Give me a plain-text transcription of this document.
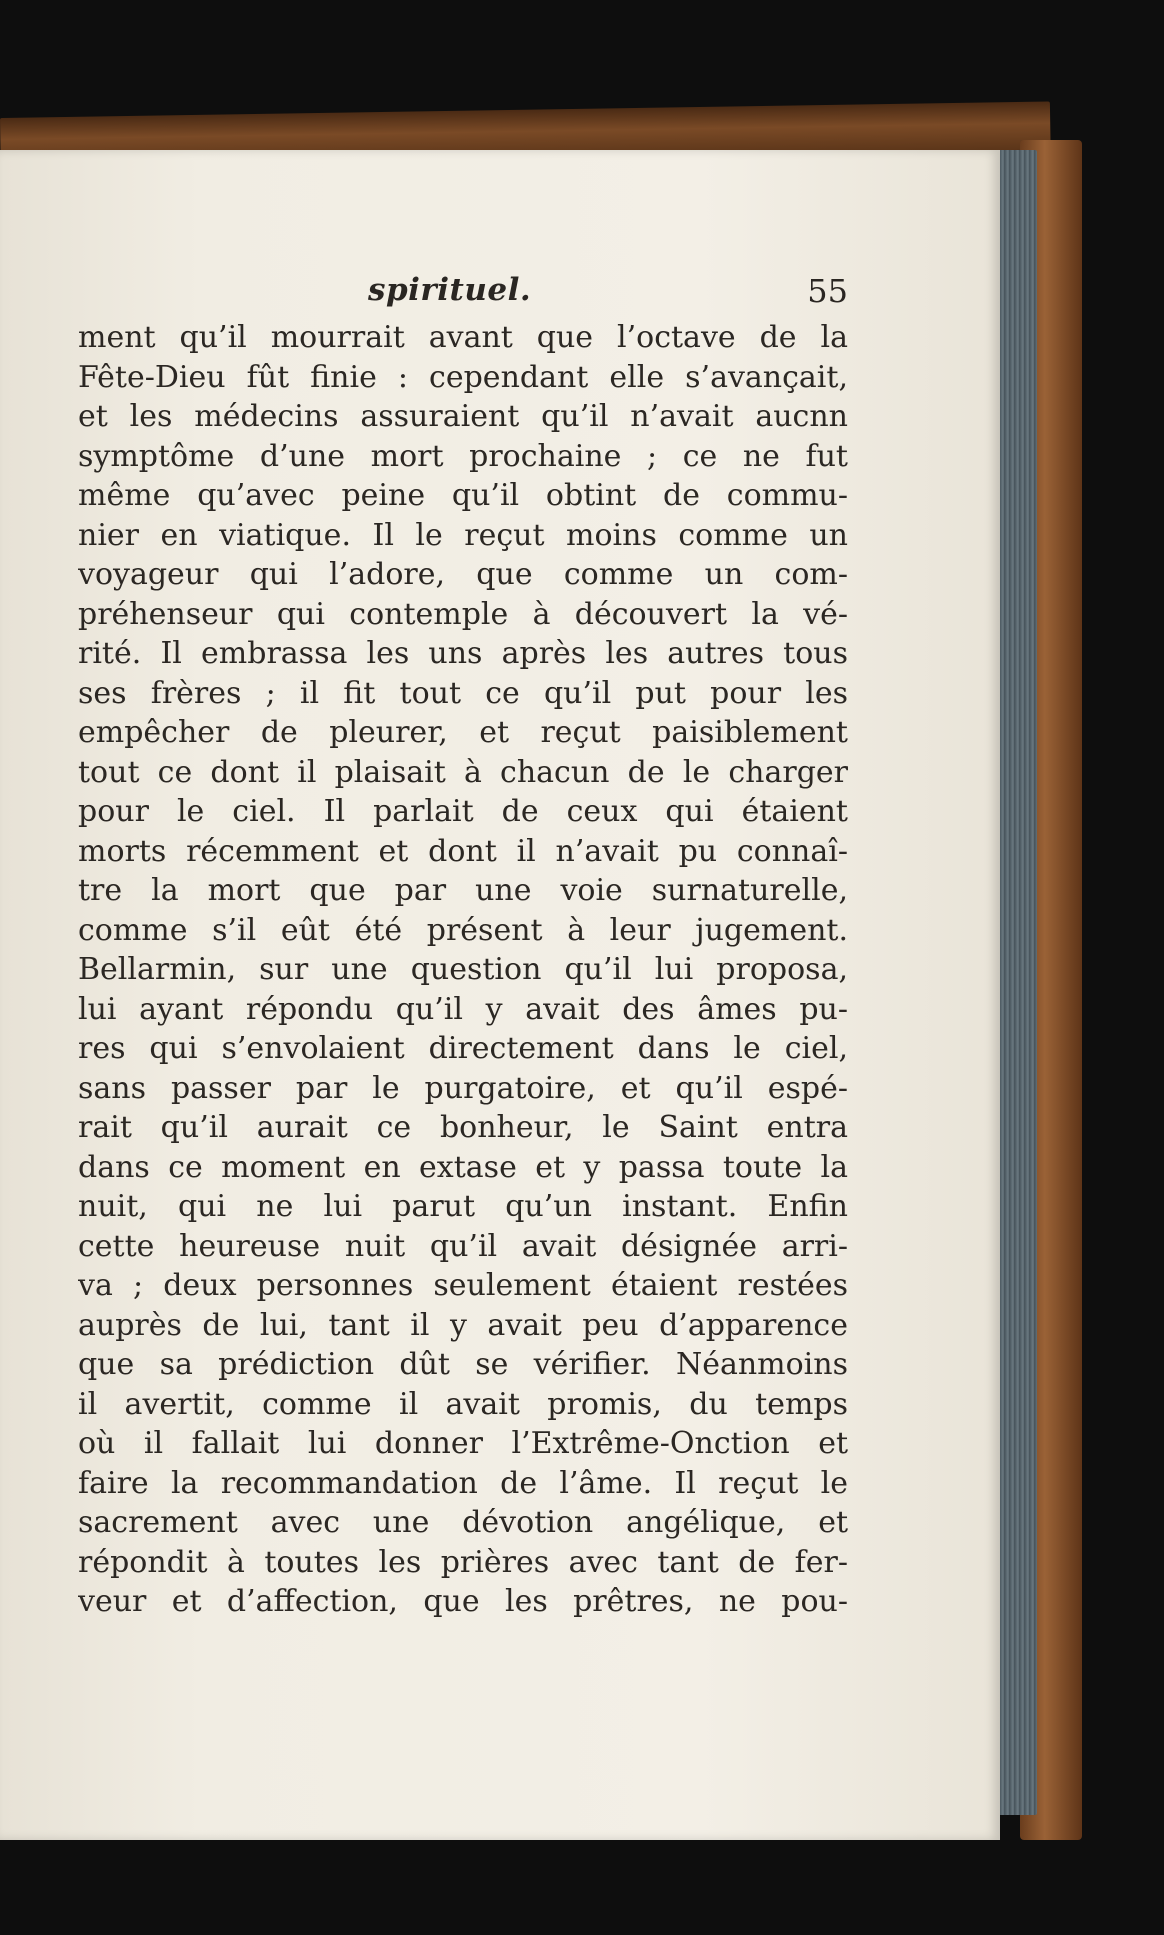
spirituel.	55
ment qu’il mourrait avant que l’octave de la
Fête-Dieu fût finie : cependant elle s’avançait,
et les médecins assuraient qu’il n’avait aucnn
symptôme d’une mort prochaine ; ce ne fut
même qu’avec peine qu’il obtint de commu-
nier en viatique. Il le reçut moins comme un
voyageur qui l’adore, que comme un com-
préhenseur qui contemple à découvert la vé-
rité. Il embrassa les uns après les autres tous
ses frères ; il fit tout ce qu’il put pour les
empêcher de pleurer, et reçut paisiblement
tout ce dont il plaisait à chacun de le charger
pour le ciel. Il parlait de ceux qui étaient
morts récemment et dont il n’avait pu connaî-
tre la mort que par une voie surnaturelle,
comme s’il eût été présent à leur jugement.
Bellarmin, sur une question qu’il lui proposa,
lui ayant répondu qu’il y avait des âmes pu-
res qui s’envolaient directement dans le ciel,
sans passer par le purgatoire, et qu’il espé-
rait qu’il aurait ce bonheur, le Saint entra
dans ce moment en extase et y passa toute la
nuit, qui ne lui parut qu’un instant. Enfin
cette heureuse nuit qu’il avait désignée arri-
va ; deux personnes seulement étaient restées
auprès de lui, tant il y avait peu d’apparence
que sa prédiction dût se vérifier. Néanmoins
il avertit, comme il avait promis, du temps
où il fallait lui donner l’Extrême-Onction et
faire la recommandation de l’âme. Il reçut le
sacrement avec une dévotion angélique, et
répondit à toutes les prières avec tant de fer-
veur et d’affection, que les prêtres, ne pou-
